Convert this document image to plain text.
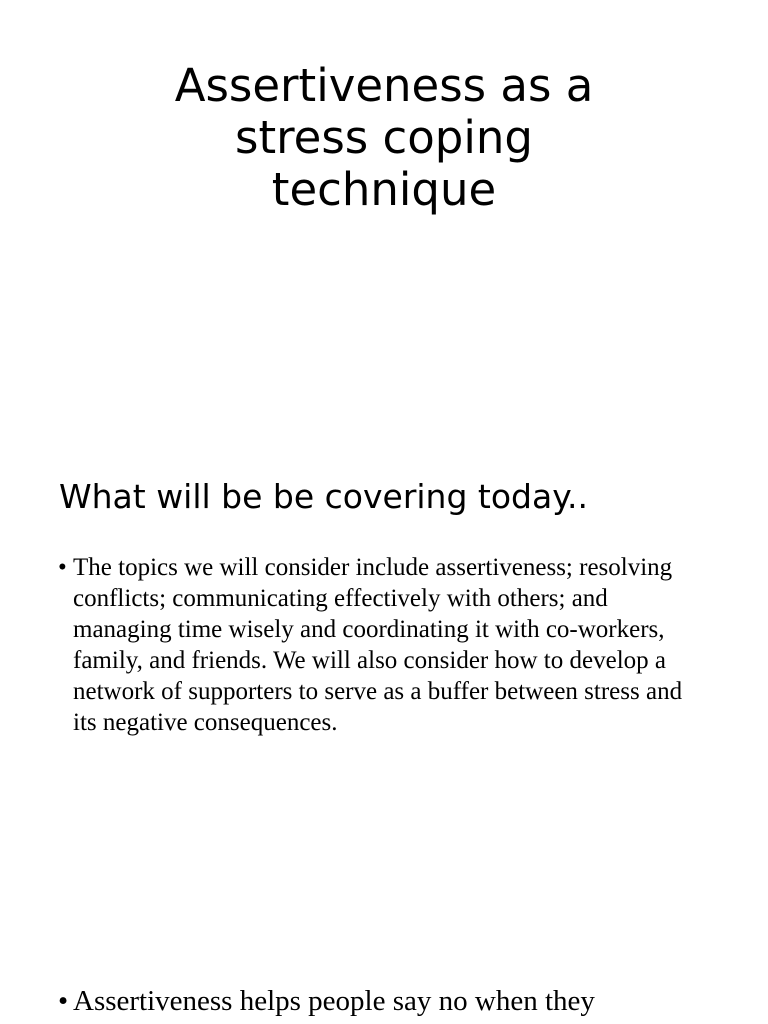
Assertiveness as a
stress coping
technique
What will be be covering today..
• The topics we will consider include assertiveness; resolving conflicts; communicating effectively with others; and managing time wisely and coordinating it with co-workers, family, and friends. We will also consider how to develop a network of supporters to serve as a buffer between stress and its negative consequences.
• Assertiveness helps people say no when they
